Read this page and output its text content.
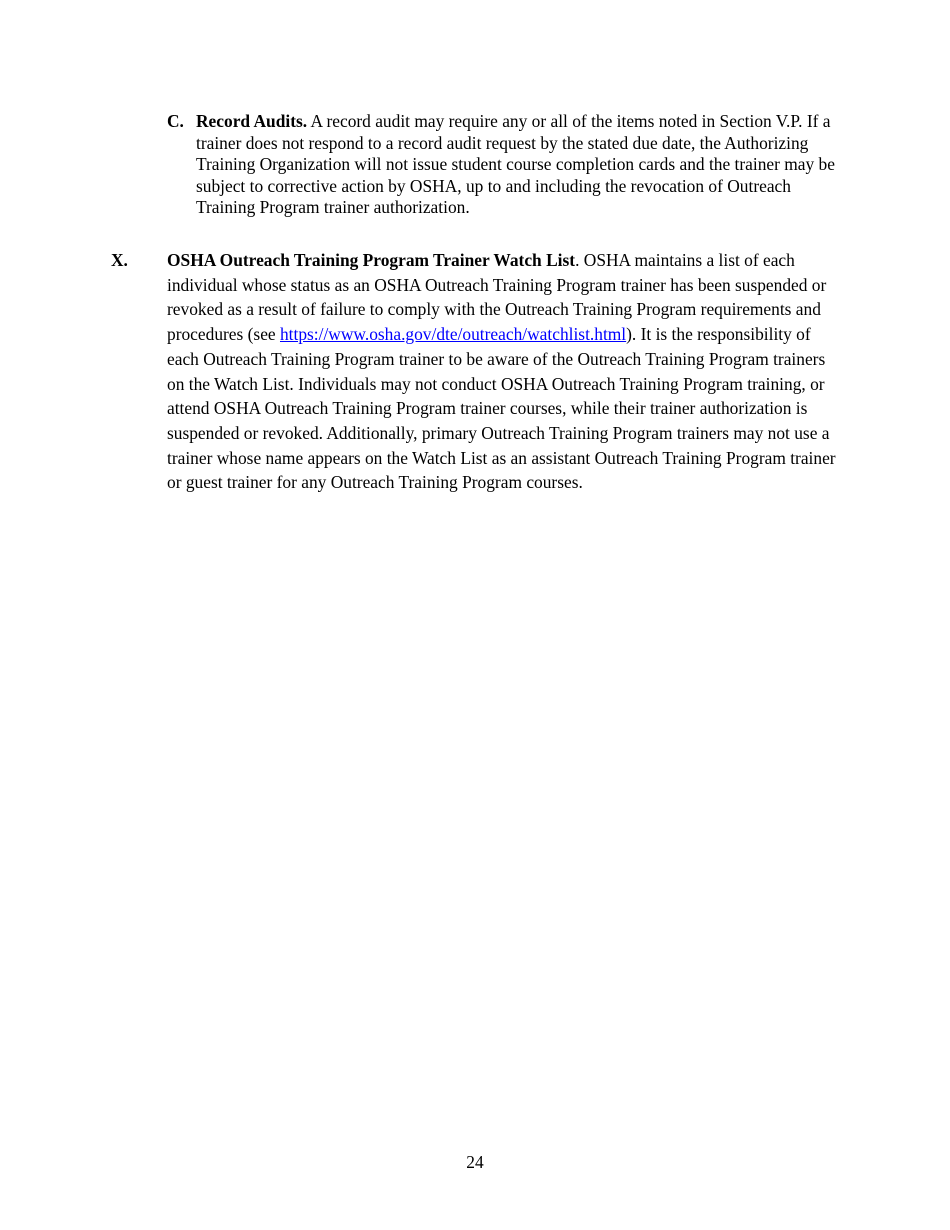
C. Record Audits. A record audit may require any or all of the items noted in Section V.P. If a trainer does not respond to a record audit request by the stated due date, the Authorizing Training Organization will not issue student course completion cards and the trainer may be subject to corrective action by OSHA, up to and including the revocation of Outreach Training Program trainer authorization.
X. OSHA Outreach Training Program Trainer Watch List. OSHA maintains a list of each individual whose status as an OSHA Outreach Training Program trainer has been suspended or revoked as a result of failure to comply with the Outreach Training Program requirements and procedures (see https://www.osha.gov/dte/outreach/watchlist.html). It is the responsibility of each Outreach Training Program trainer to be aware of the Outreach Training Program trainers on the Watch List. Individuals may not conduct OSHA Outreach Training Program training, or attend OSHA Outreach Training Program trainer courses, while their trainer authorization is suspended or revoked. Additionally, primary Outreach Training Program trainers may not use a trainer whose name appears on the Watch List as an assistant Outreach Training Program trainer or guest trainer for any Outreach Training Program courses.
24
